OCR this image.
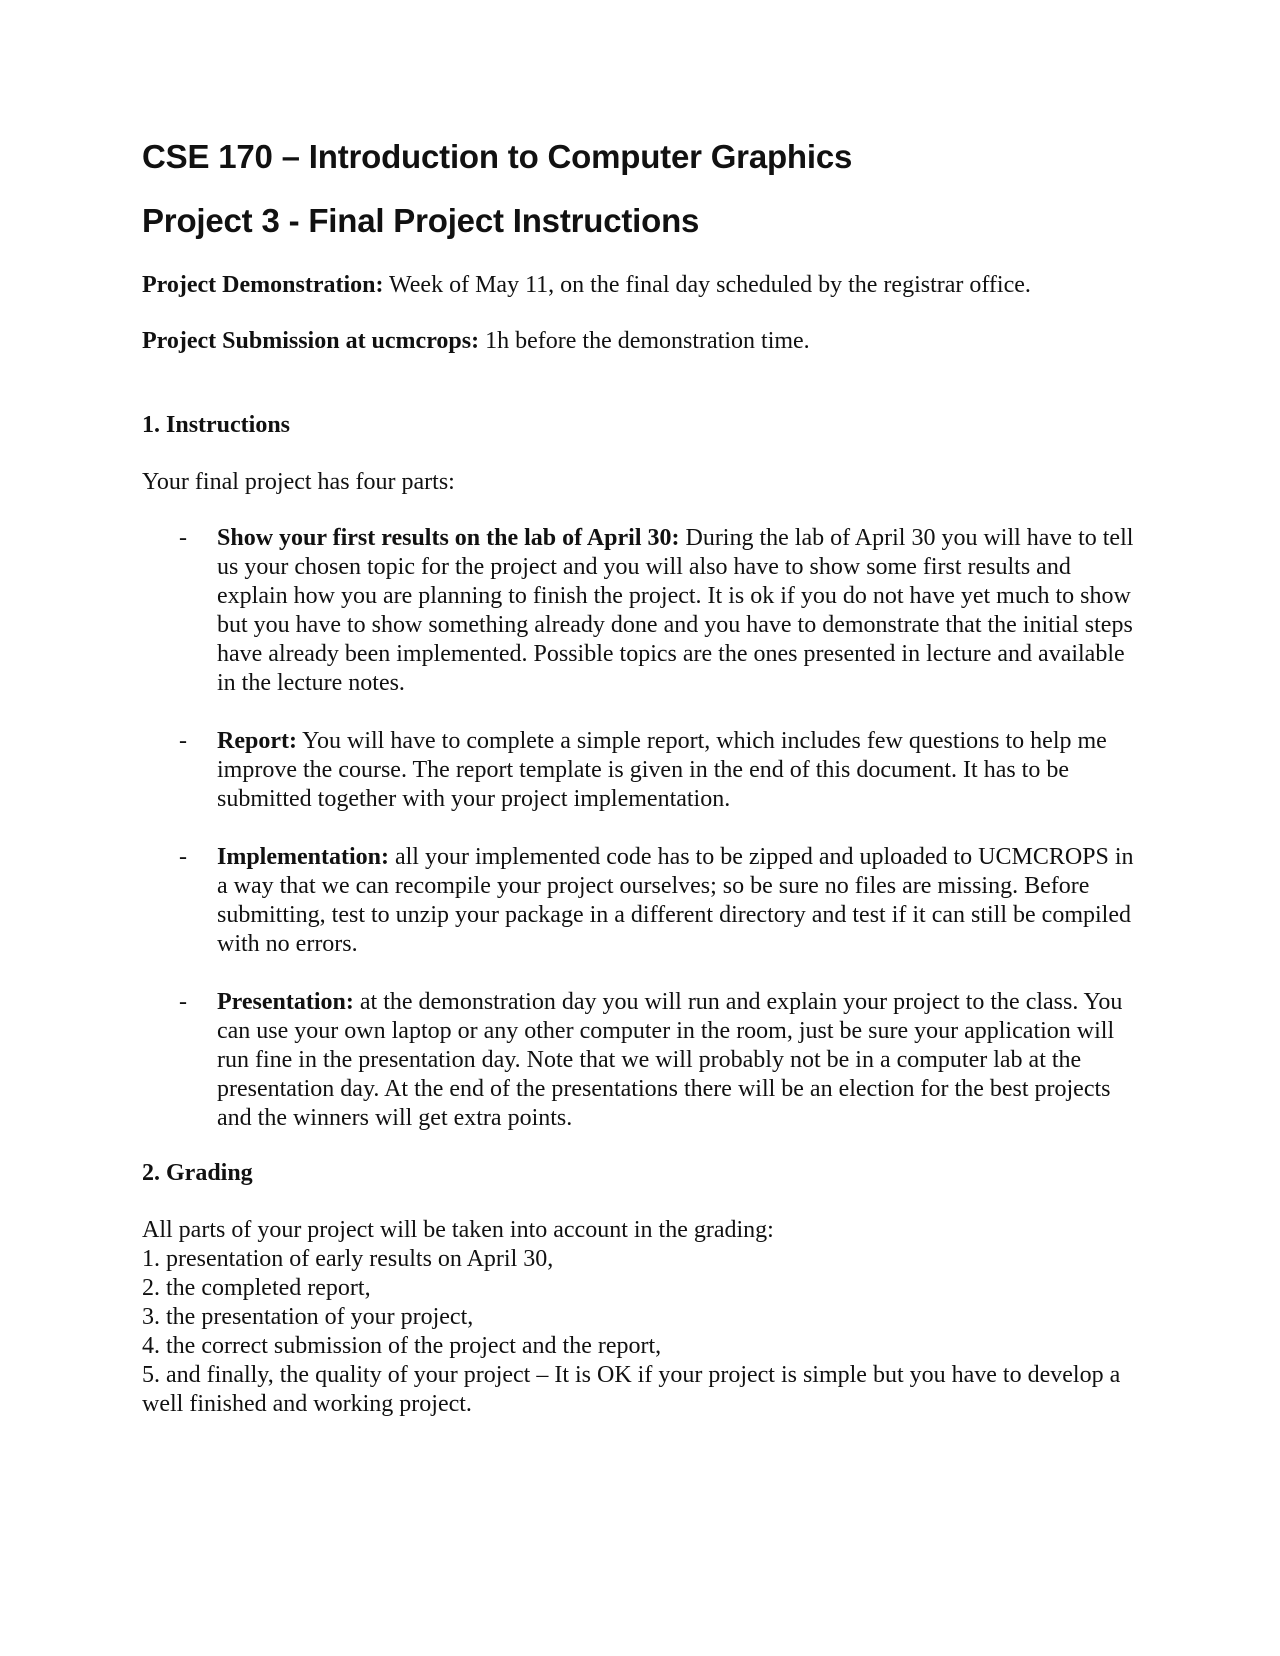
CSE 170 – Introduction to Computer Graphics
Project 3 - Final Project Instructions

Project Demonstration: Week of May 11, on the final day scheduled by the registrar office.

Project Submission at ucmcrops: 1h before the demonstration time.

1. Instructions

Your final project has four parts:

- Show your first results on the lab of April 30: During the lab of April 30 you will have to tell us your chosen topic for the project and you will also have to show some first results and explain how you are planning to finish the project. It is ok if you do not have yet much to show but you have to show something already done and you have to demonstrate that the initial steps have already been implemented. Possible topics are the ones presented in lecture and available in the lecture notes.
- Report: You will have to complete a simple report, which includes few questions to help me improve the course. The report template is given in the end of this document. It has to be submitted together with your project implementation.
- Implementation: all your implemented code has to be zipped and uploaded to UCMCROPS in a way that we can recompile your project ourselves; so be sure no files are missing. Before submitting, test to unzip your package in a different directory and test if it can still be compiled with no errors.
- Presentation: at the demonstration day you will run and explain your project to the class. You can use your own laptop or any other computer in the room, just be sure your application will run fine in the presentation day. Note that we will probably not be in a computer lab at the presentation day. At the end of the presentations there will be an election for the best projects and the winners will get extra points.

2. Grading

All parts of your project will be taken into account in the grading:

1. presentation of early results on April 30,
2. the completed report,
3. the presentation of your project,
4. the correct submission of the project and the report,
5. and finally, the quality of your project – It is OK if your project is simple but you have to develop a well finished and working project.
